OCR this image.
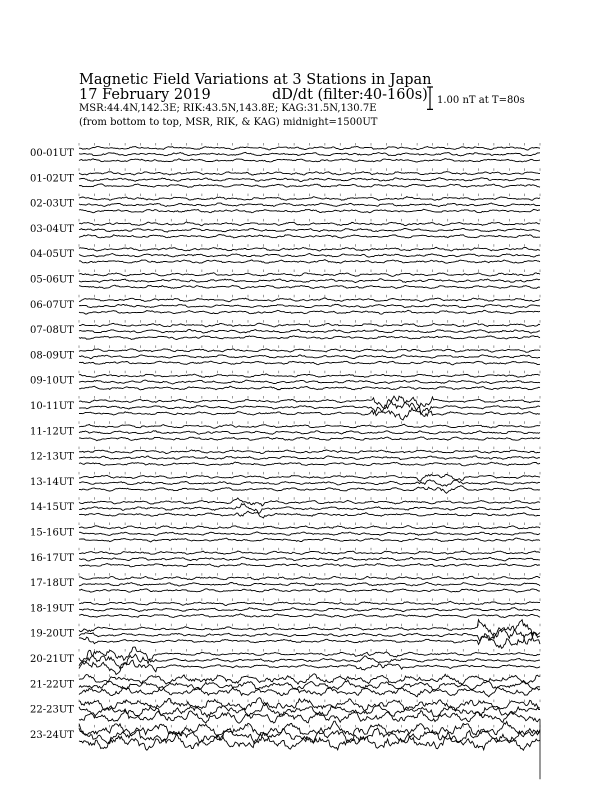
Magnetic Field Variations at 3 Stations in Japan
17 February 2019	dD/dt (filter:40-160s)
MSR:44.4N,142.3E; RIK:43.5N,143.8E; KAG:31.5N,130.7E
(from bottom to top, MSR, RIK, & KAG) midnight=1500UT
1.00 nT at T=80s
00-01UT
01-02UT
02-03UT
03-04UT
04-05UT
05-06UT
06-07UT
07-08UT
08-09UT
09-10UT
10-11UT
11-12UT
12-13UT
13-14UT
14-15UT
15-16UT
16-17UT
17-18UT
18-19UT
19-20UT
20-21UT
21-22UT
22-23UT
23-24UT
